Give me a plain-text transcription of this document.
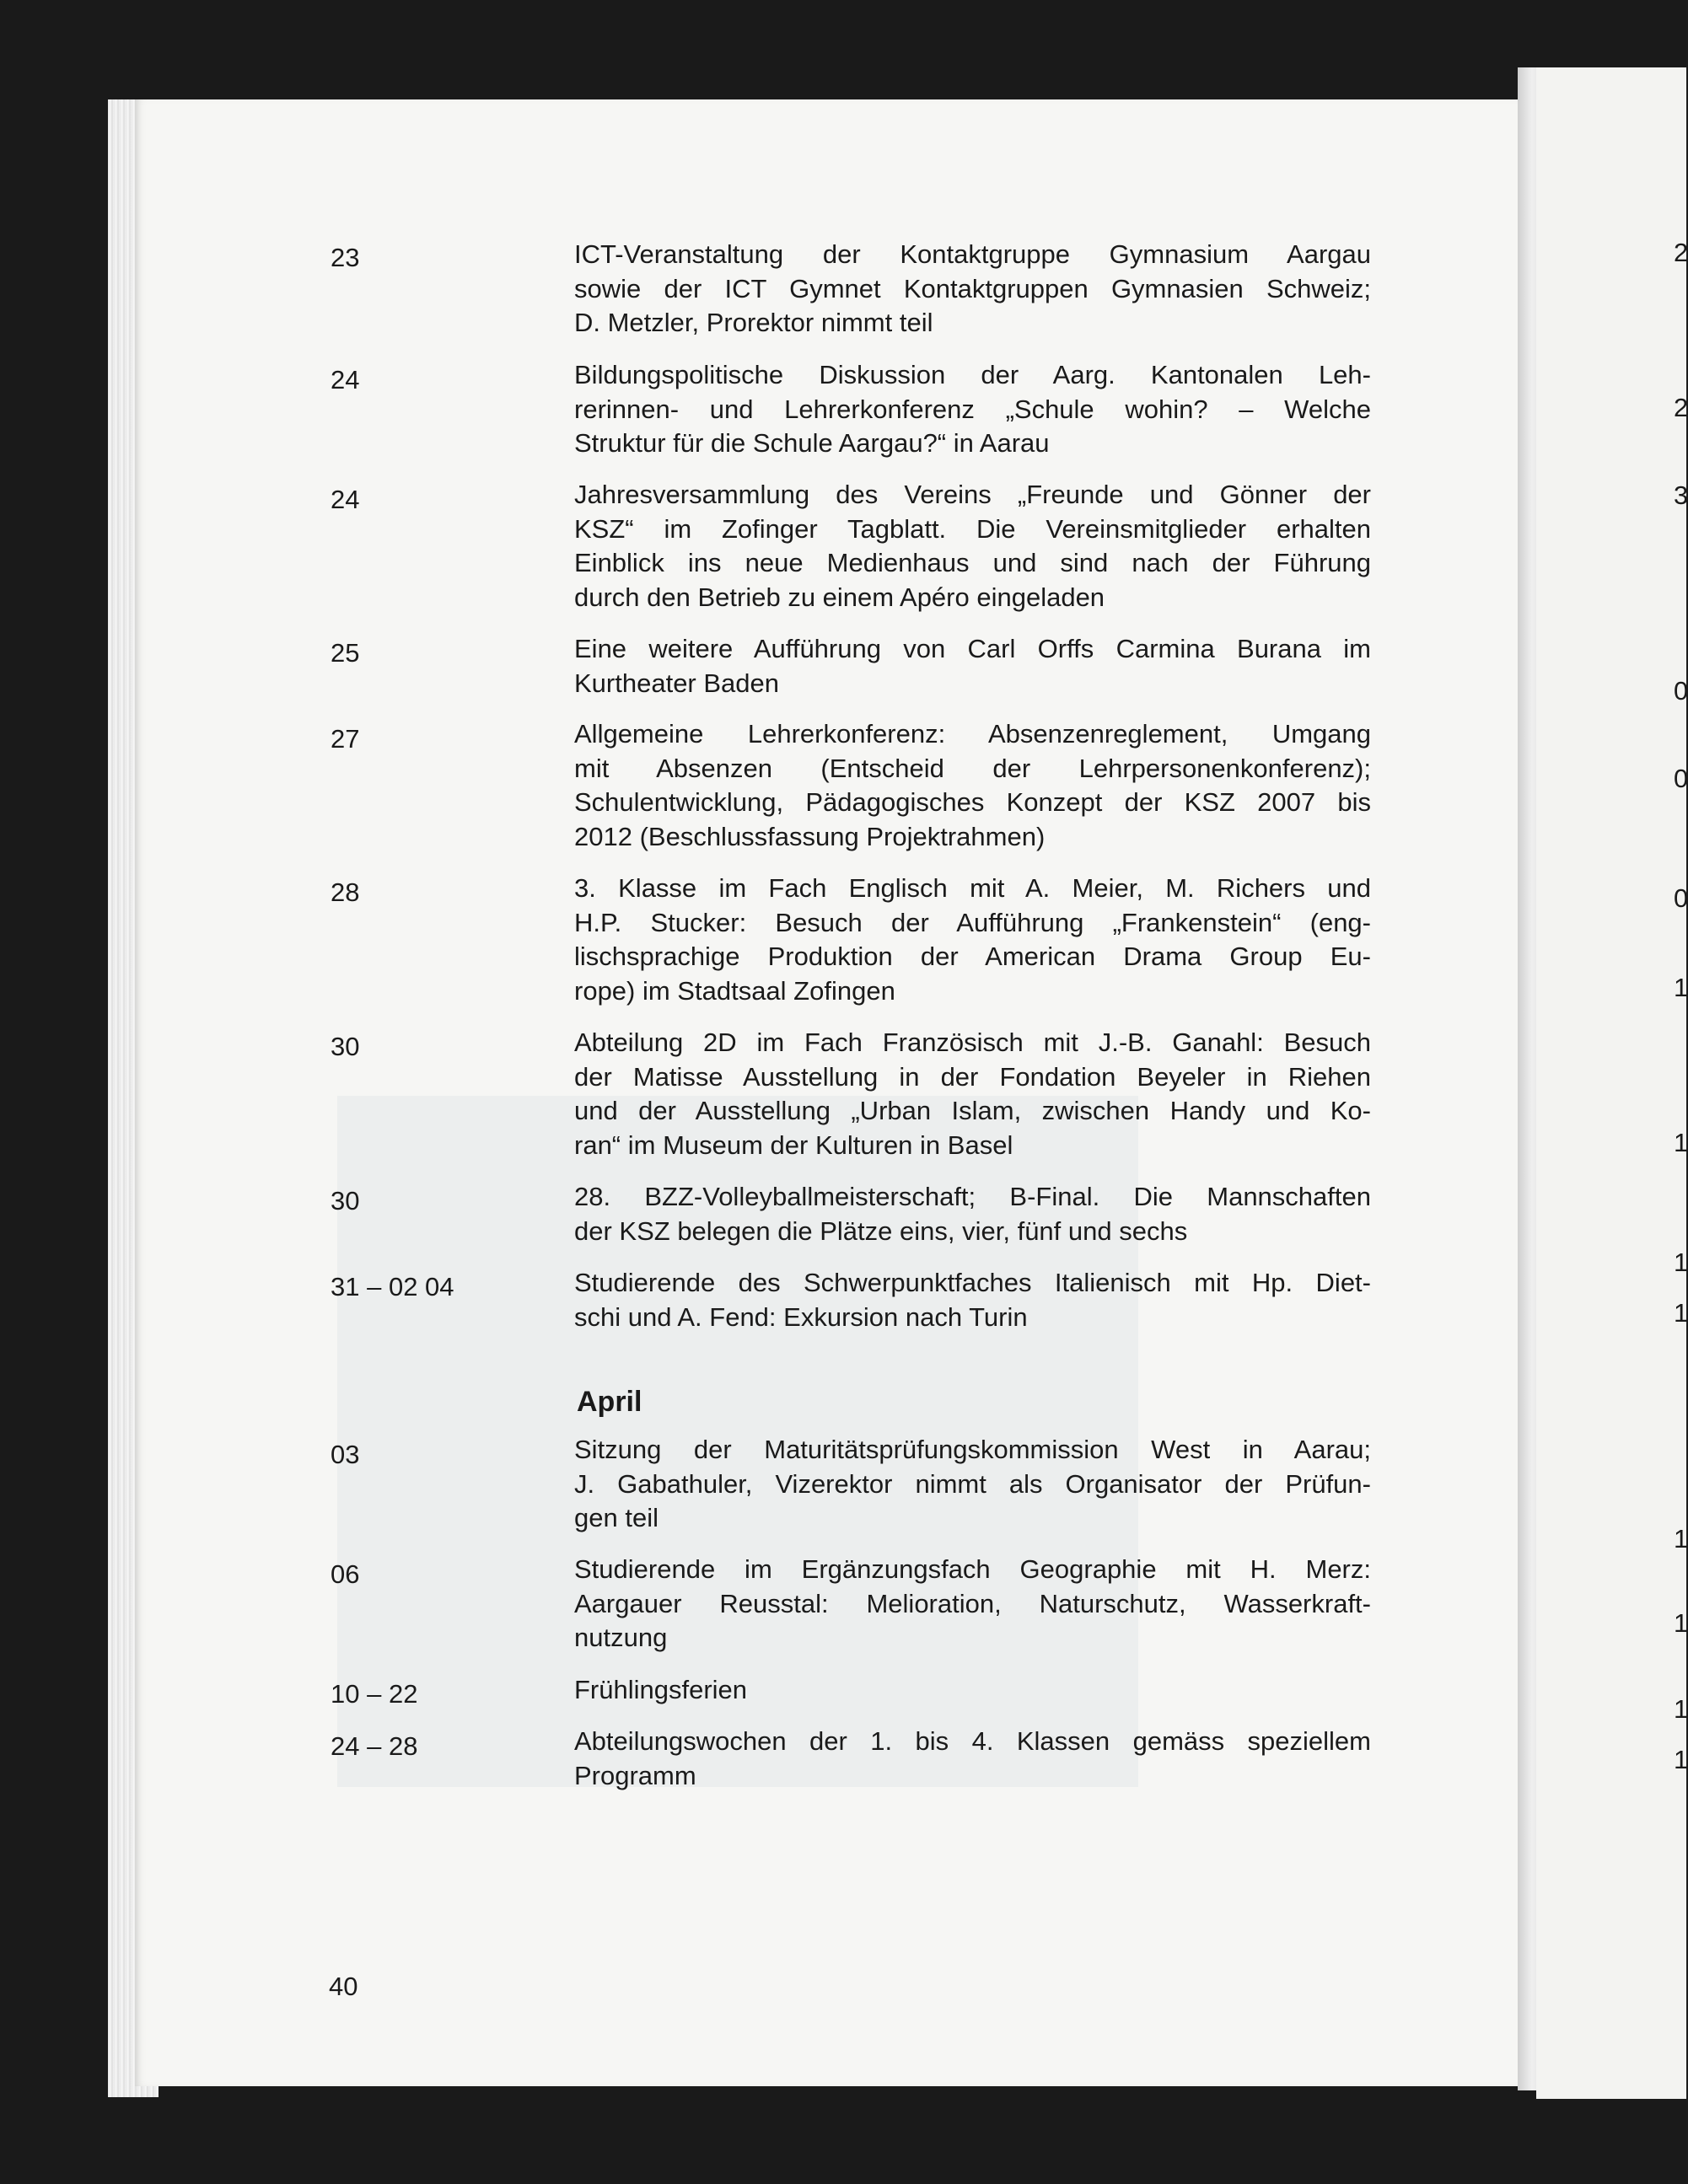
2
2
3
0
0
0
1
1
1
1
1
1
1
1
23	ICT-Veranstaltung der Kontaktgruppe Gymnasium Aargau
sowie der ICT Gymnet Kontaktgruppen Gymnasien Schweiz;
D. Metzler, Prorektor nimmt teil
24	Bildungspolitische Diskussion der Aarg. Kantonalen Leh-
rerinnen- und Lehrerkonferenz „Schule wohin? – Welche
Struktur für die Schule Aargau?“ in Aarau
24	Jahresversammlung des Vereins „Freunde und Gönner der
KSZ“ im Zofinger Tagblatt. Die Vereinsmitglieder erhalten
Einblick ins neue Medienhaus und sind nach der Führung
durch den Betrieb zu einem Apéro eingeladen
25	Eine weitere Aufführung von Carl Orffs Carmina Burana im
Kurtheater Baden
27	Allgemeine Lehrerkonferenz: Absenzenreglement, Umgang
mit Absenzen (Entscheid der Lehrpersonenkonferenz);
Schulentwicklung, Pädagogisches Konzept der KSZ 2007 bis
2012 (Beschlussfassung Projektrahmen)
28	3. Klasse im Fach Englisch mit A. Meier, M. Richers und
H.P. Stucker: Besuch der Aufführung „Frankenstein“ (eng-
lischsprachige Produktion der American Drama Group Eu-
rope) im Stadtsaal Zofingen
30	Abteilung 2D im Fach Französisch mit J.-B. Ganahl: Besuch
der Matisse Ausstellung in der Fondation Beyeler in Riehen
und der Ausstellung „Urban Islam, zwischen Handy und Ko-
ran“ im Museum der Kulturen in Basel
30	28. BZZ-Volleyballmeisterschaft; B-Final. Die Mannschaften
der KSZ belegen die Plätze eins, vier, fünf und sechs
31 – 02 04	Studierende des Schwerpunktfaches Italienisch mit Hp. Diet-
schi und A. Fend: Exkursion nach Turin
April
03	Sitzung der Maturitätsprüfungskommission West in Aarau;
J. Gabathuler, Vizerektor nimmt als Organisator der Prüfun-
gen teil
06	Studierende im Ergänzungsfach Geographie mit H. Merz:
Aargauer Reusstal: Melioration, Naturschutz, Wasserkraft-
nutzung
10 – 22	Frühlingsferien
24 – 28	Abteilungswochen der 1. bis 4. Klassen gemäss speziellem
Programm
40
